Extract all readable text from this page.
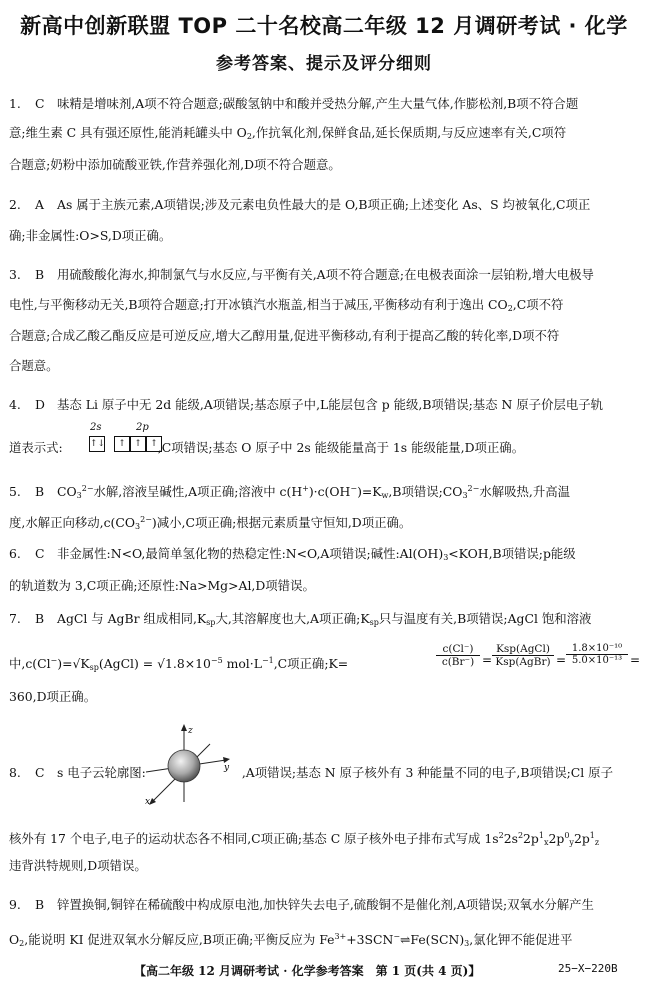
新高中创新联盟 TOP 二十名校高二年级 12 月调研考试 · 化学
参考答案、提示及评分细则
1. C 味精是增味剂,A项不符合题意;碳酸氢钠中和酸并受热分解,产生大量气体,作膨松剂,B项不符合题
意;维生素 C 具有强还原性,能消耗罐头中 $O_2$,作抗氧化剂,保鲜食品,延长保质期,与反应速率有关,C项符
合题意;奶粉中添加硫酸亚铁,作营养强化剂,D项不符合题意。
2. A As 属于主族元素,A项错误;涉及元素电负性最大的是 O,B项正确;上述变化 As、S 均被氧化,C项正
确;非金属性:O>S,D项正确。
3. B 用硫酸酸化海水,抑制氯气与水反应,与平衡有关,A项不符合题意;在电极表面涂一层铂粉,增大电极导
电性,与平衡移动无关,B项符合题意;打开冰镇汽水瓶盖,相当于减压,平衡移动有利于逸出 $CO_2,C$项不符
合题意;合成乙酸乙酯反应是可逆反应,增大乙醇用量,促进平衡移动,有利于提高乙酸的转化率,D项不符
合题意。
4. D 基态 Li 原子中无 2d 能级,A项错误;基态原子中,L能层包含 p 能级,B项错误;基态 N 原子价层电子轨
2s	2p
道表示式:	,C项错误;基态 O 原子中 2s 能级能量高于 1s 能级能量,D项正确。
↑↓	↑ ↑ ↑
5. B $CO_3^{2-}$水解,溶液呈碱性,A项正确;溶液中 $c(H^+)\cdot c(OH^-)=K_w,B$项错误$;CO_3^{2-}$水解吸热,升高温
度,水解正向移动$,c(CO_3^{2-})$减小,C项正确;根据元素质量守恒知,D项正确。
6. C 非金属性:N<O,最简单氢化物的热稳定性:N<O,A项错误;碱性$:Al(OH)_3<KOH,B$项错误;p能级
的轨道数为 3,C项正确;还原性:Na>Mg>Al,D项错误。
7. B AgCl 与 AgBr 组成相同$,K_{sp}$大,其溶解度也大,A项正确$;K_{sp}$只与温度有关,B项错误;AgCl 饱和溶液
中$,c(Cl^-)=√K_{sp}(AgCl) = √1.8\times 10^{-5}$ $mol\cdot L^{-1},C$项正确;K=	$\frac{c(Cl^-)}{c(Br^-)}$ =
Ksp(AgCl)
Ksp(AgBr) = $\frac{\text{1.8×10⁻¹⁰}}{\text{5.0×10⁻¹³}}$ =
360,D项正确。
8. C s 电子云轮廓图:	,A项错误;基态 N 原子核外有 3 种能量不同的电子,B项错误;Cl 原子
z
y
x
核外有 17 个电子,电子的运动状态各不相同,C项正确;基态 C 原子核外电子排布式写成 $1s^22s^22p^1_x2p^0_y2p^1_z$
违背洪特规则,D项错误。
9. B 锌置换铜,铜锌在稀硫酸中构成原电池,加快锌失去电子,硫酸铜不是催化剂,A项错误;双氧水分解产生
$O_2$,能说明 KI 促进双氧水分解反应,B项正确;平衡反应为 $Fe^{3+}+3SCN^-\rightleftharpoons Fe(SCN)_3$,氯化钾不能促进平
【高二年级 12 月调研考试 · 化学参考答案　第 1 页(共 4 页)】	25−X−220B
